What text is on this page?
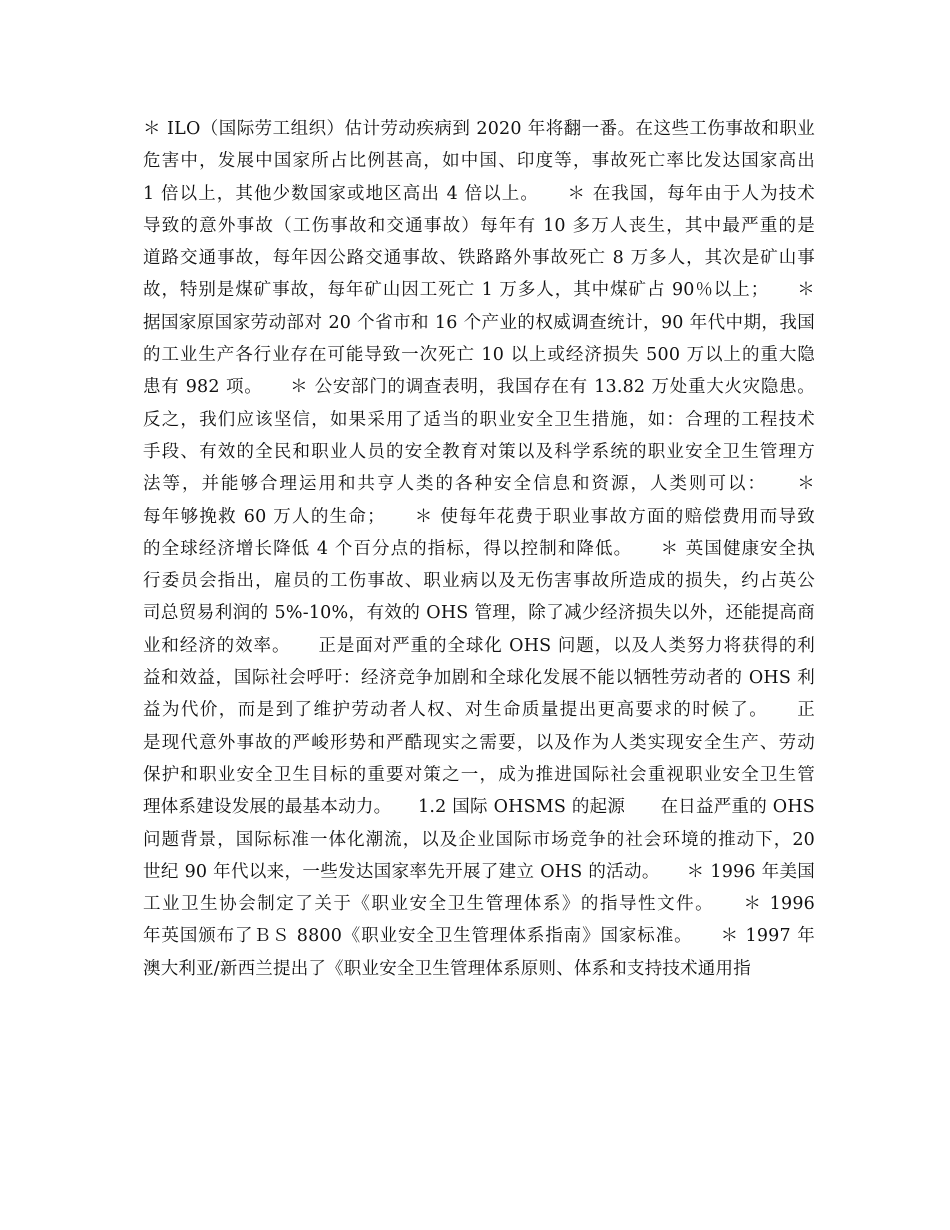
＊ ILO（国际劳工组织）估计劳动疾病到 2020 年将翻一番。在这些工伤事故和职业
危害中，发展中国家所占比例甚高，如中国、印度等，事故死亡率比发达国家高出
1 倍以上，其他少数国家或地区高出 4 倍以上。　　＊ 在我国，每年由于人为技术
导致的意外事故（工伤事故和交通事故）每年有 10 多万人丧生，其中最严重的是
道路交通事故，每年因公路交通事故、铁路路外事故死亡 8 万多人，其次是矿山事
故，特别是煤矿事故，每年矿山因工死亡 1 万多人，其中煤矿占 90％以上；　　＊
据国家原国家劳动部对 20 个省市和 16 个产业的权威调查统计，90 年代中期，我国
的工业生产各行业存在可能导致一次死亡 10 以上或经济损失 500 万以上的重大隐
患有 982 项。　　＊ 公安部门的调查表明，我国存在有 13.82 万处重大火灾隐患。
反之，我们应该坚信，如果采用了适当的职业安全卫生措施，如：合理的工程技术
手段、有效的全民和职业人员的安全教育对策以及科学系统的职业安全卫生管理方
法等，并能够合理运用和共亨人类的各种安全信息和资源，人类则可以：　　＊
每年够挽救 60 万人的生命；　　＊ 使每年花费于职业事故方面的赔偿费用而导致
的全球经济增长降低 4 个百分点的指标，得以控制和降低。　　＊ 英国健康安全执
行委员会指出，雇员的工伤事故、职业病以及无伤害事故所造成的损失，约占英公
司总贸易利润的 5%-10%，有效的 OHS 管理，除了减少经济损失以外，还能提高商
业和经济的效率。　　正是面对严重的全球化 OHS 问题，以及人类努力将获得的利
益和效益，国际社会呼吁：经济竞争加剧和全球化发展不能以牺牲劳动者的 OHS 利
益为代价，而是到了维护劳动者人权、对生命质量提出更高要求的时候了。　　正
是现代意外事故的严峻形势和严酷现实之需要，以及作为人类实现安全生产、劳动
保护和职业安全卫生目标的重要对策之一，成为推进国际社会重视职业安全卫生管
理体系建设发展的最基本动力。　　1.2 国际 OHSMS 的起源　　在日益严重的 OHS
问题背景，国际标准一体化潮流，以及企业国际市场竞争的社会环境的推动下，20
世纪 90 年代以来，一些发达国家率先开展了建立 OHS 的活动。　　＊ 1996 年美国
工业卫生协会制定了关于《职业安全卫生管理体系》的指导性文件。　　＊ 1996
年英国颁布了ＢＳ 8800《职业安全卫生管理体系指南》国家标准。　　＊ 1997 年
澳大利亚/新西兰提出了《职业安全卫生管理体系原则、体系和支持技术通用指
